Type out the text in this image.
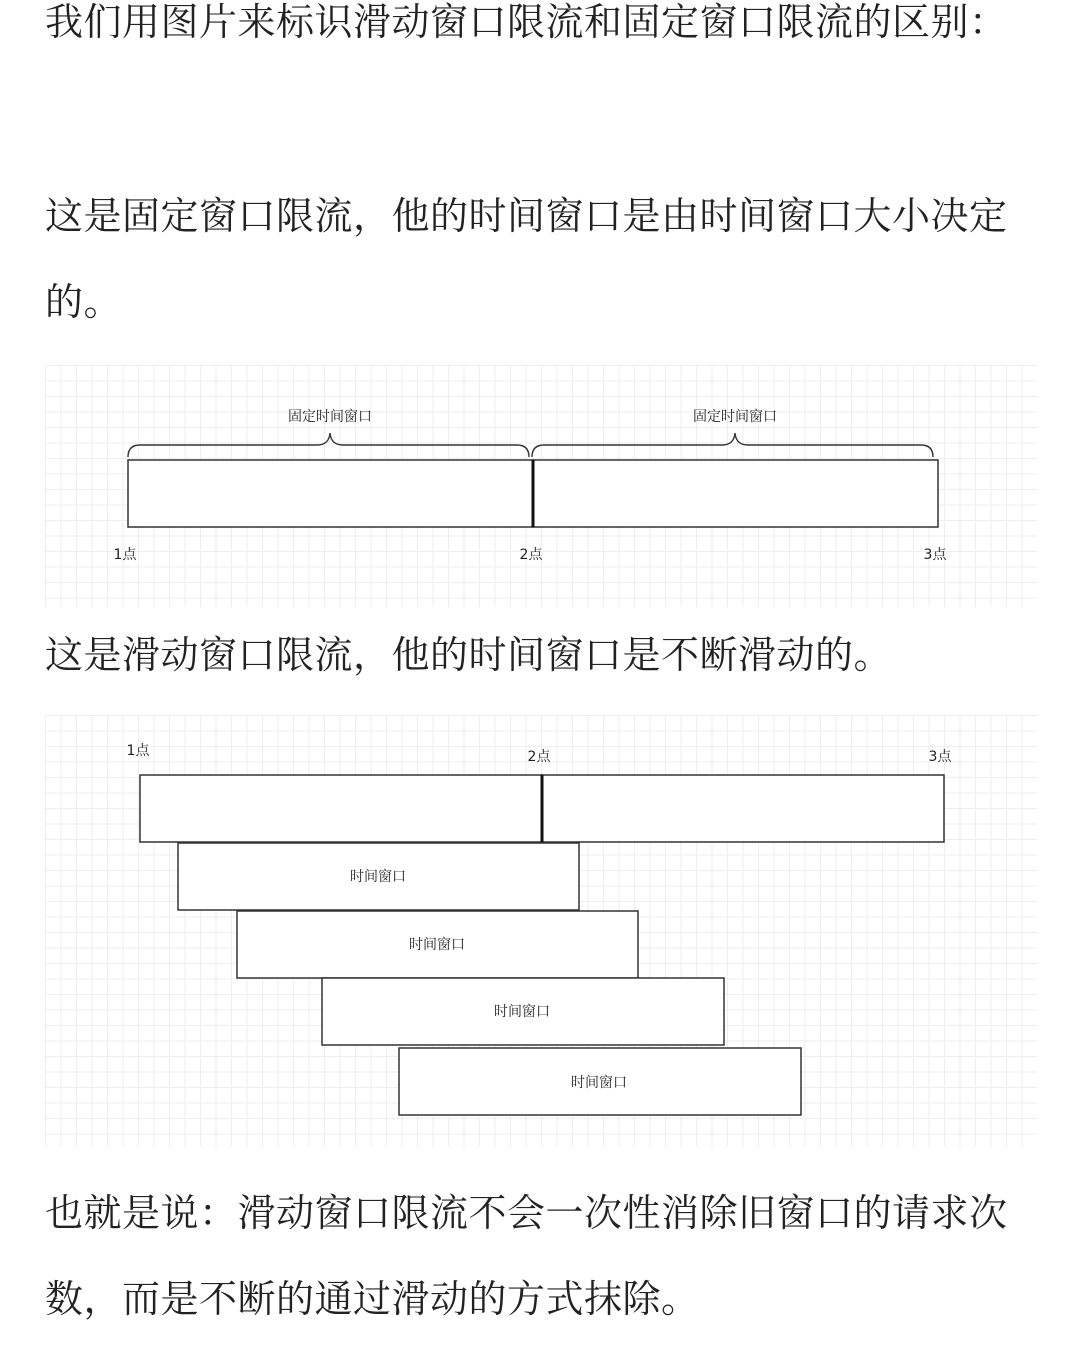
我们用图片来标识滑动窗口限流和固定窗口限流的区别：

这是固定窗口限流，他的时间窗口是由时间窗口大小决定的。

固定时间窗口	固定时间窗口
1点	2点	3点

这是滑动窗口限流，他的时间窗口是不断滑动的。

1点	2点	3点
时间窗口
时间窗口
时间窗口
时间窗口

也就是说：滑动窗口限流不会一次性消除旧窗口的请求次数，而是不断的通过滑动的方式抹除。
